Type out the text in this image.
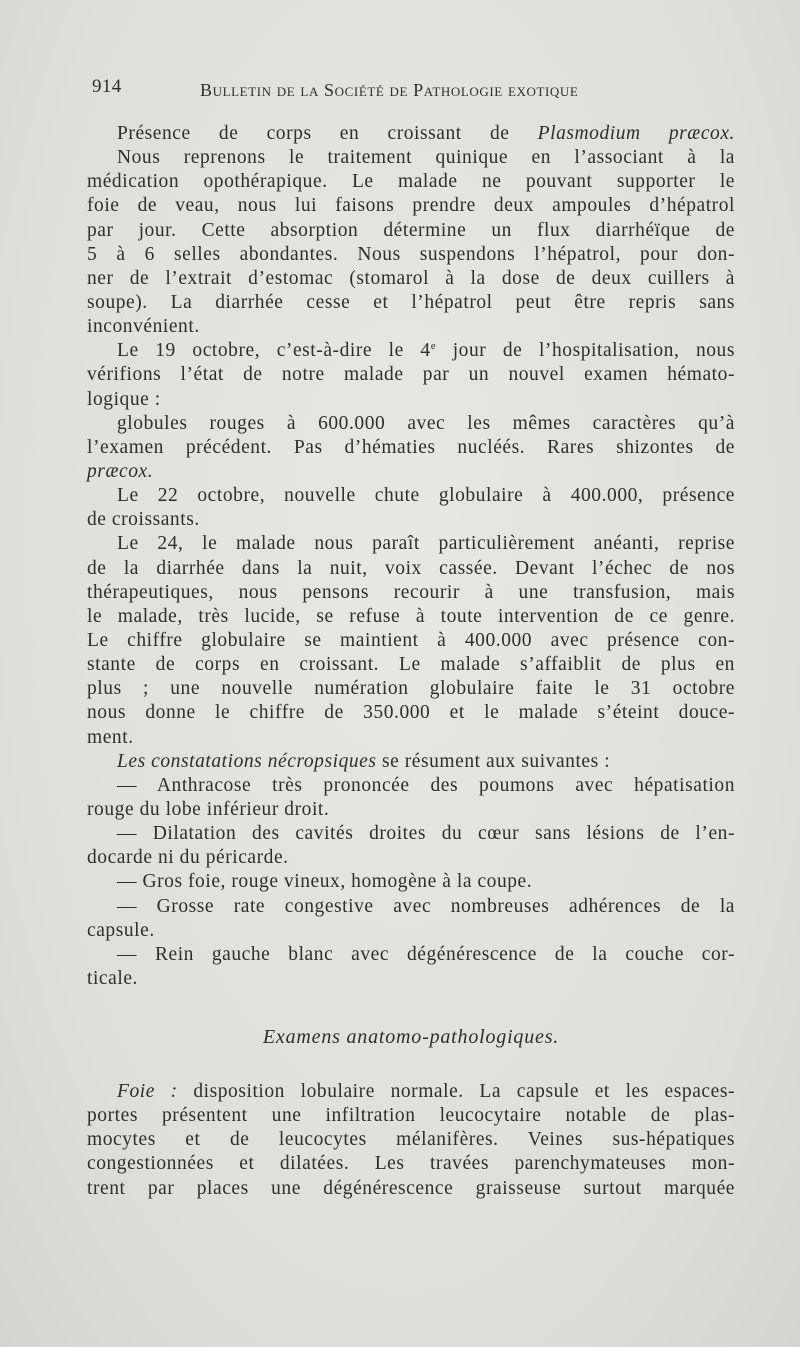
914	Bulletin de la Société de Pathologie exotique
Présence de corps en croissant de Plasmodium præcox.
Nous reprenons le traitement quinique en l’associant à la
médication opothérapique. Le malade ne pouvant supporter le
foie de veau, nous lui faisons prendre deux ampoules d’hépatrol
par jour. Cette absorption détermine un flux diarrhéïque de
5 à 6 selles abondantes. Nous suspendons l’hépatrol, pour don-
ner de l’extrait d’estomac (stomarol à la dose de deux cuillers à
soupe). La diarrhée cesse et l’hépatrol peut être repris sans
inconvénient.
Le 19 octobre, c’est-à-dire le 4e jour de l’hospitalisation, nous
vérifions l’état de notre malade par un nouvel examen hémato-
logique :
globules rouges à 600.000 avec les mêmes caractères qu’à
l’examen précédent. Pas d’hématies nucléés. Rares shizontes de
præcox.
Le 22 octobre, nouvelle chute globulaire à 400.000, présence
de croissants.
Le 24, le malade nous paraît particulièrement anéanti, reprise
de la diarrhée dans la nuit, voix cassée. Devant l’échec de nos
thérapeutiques, nous pensons recourir à une transfusion, mais
le malade, très lucide, se refuse à toute intervention de ce genre.
Le chiffre globulaire se maintient à 400.000 avec présence con-
stante de corps en croissant. Le malade s’affaiblit de plus en
plus ; une nouvelle numération globulaire faite le 31 octobre
nous donne le chiffre de 350.000 et le malade s’éteint douce-
ment.
Les constatations nécropsiques se résument aux suivantes :
— Anthracose très prononcée des poumons avec hépatisation
rouge du lobe inférieur droit.
— Dilatation des cavités droites du cœur sans lésions de l’en-
docarde ni du péricarde.
— Gros foie, rouge vineux, homogène à la coupe.
— Grosse rate congestive avec nombreuses adhérences de la
capsule.
— Rein gauche blanc avec dégénérescence de la couche cor-
ticale.
Examens anatomo-pathologiques.
Foie : disposition lobulaire normale. La capsule et les espaces-
portes présentent une infiltration leucocytaire notable de plas-
mocytes et de leucocytes mélanifères. Veines sus-hépatiques
congestionnées et dilatées. Les travées parenchymateuses mon-
trent par places une dégénérescence graisseuse surtout marquée
